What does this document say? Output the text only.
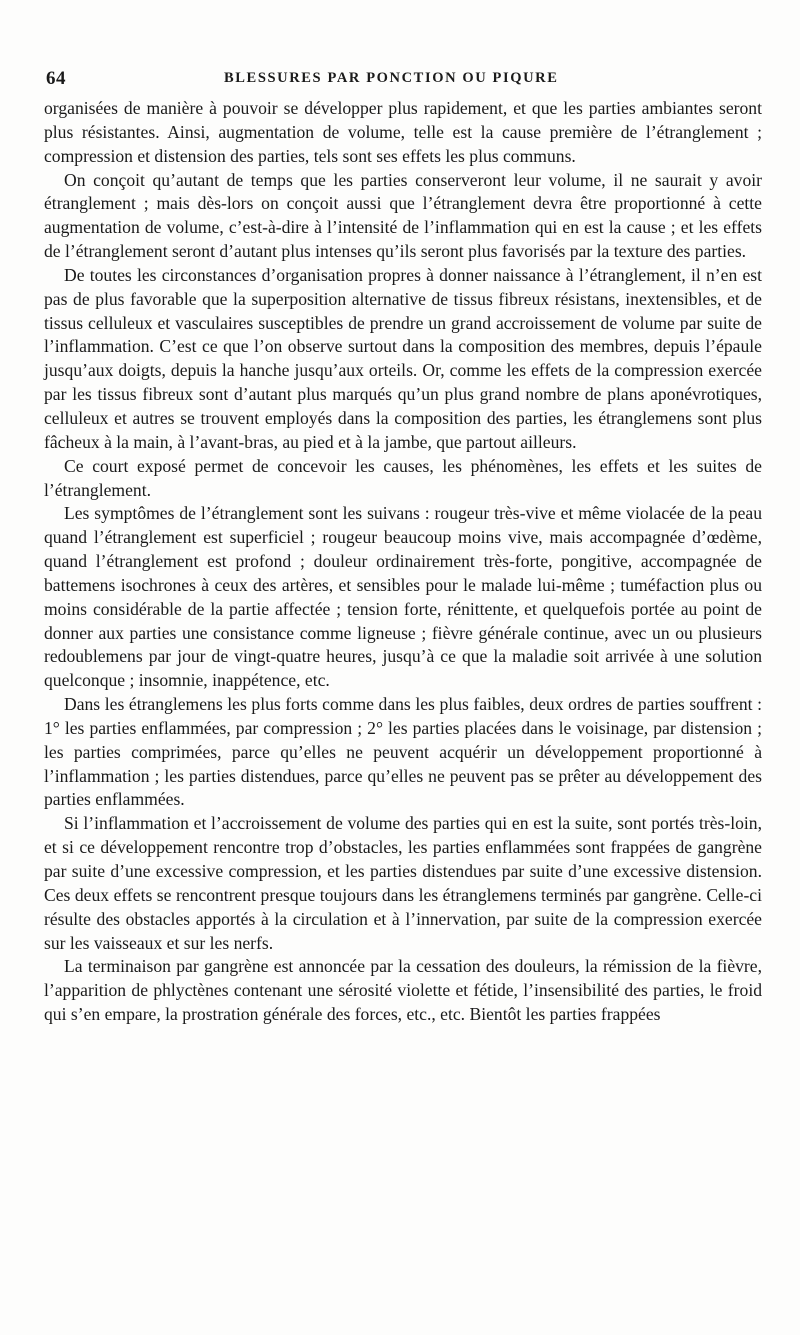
64	BLESSURES PAR PONCTION OU PIQURE

organisées de manière à pouvoir se développer plus rapidement, et que les parties ambiantes seront plus résistantes. Ainsi, augmentation de volume, telle est la cause première de l’étranglement ; compression et distension des parties, tels sont ses effets les plus communs.

On conçoit qu’autant de temps que les parties conserveront leur volume, il ne saurait y avoir étranglement ; mais dès-lors on conçoit aussi que l’étranglement devra être proportionné à cette augmentation de volume, c’est-à-dire à l’intensité de l’inflammation qui en est la cause ; et les effets de l’étranglement seront d’autant plus intenses qu’ils seront plus favorisés par la texture des parties.

De toutes les circonstances d’organisation propres à donner naissance à l’étranglement, il n’en est pas de plus favorable que la superposition alternative de tissus fibreux résistans, inextensibles, et de tissus celluleux et vasculaires susceptibles de prendre un grand accroissement de volume par suite de l’inflammation. C’est ce que l’on observe surtout dans la composition des membres, depuis l’épaule jusqu’aux doigts, depuis la hanche jusqu’aux orteils. Or, comme les effets de la compression exercée par les tissus fibreux sont d’autant plus marqués qu’un plus grand nombre de plans aponévrotiques, celluleux et autres se trouvent employés dans la composition des parties, les étranglemens sont plus fâcheux à la main, à l’avant-bras, au pied et à la jambe, que partout ailleurs.

Ce court exposé permet de concevoir les causes, les phénomènes, les effets et les suites de l’étranglement.

Les symptômes de l’étranglement sont les suivans : rougeur très-vive et même violacée de la peau quand l’étranglement est superficiel ; rougeur beaucoup moins vive, mais accompagnée d’œdème, quand l’étranglement est profond ; douleur ordinairement très-forte, pongitive, accompagnée de battemens isochrones à ceux des artères, et sensibles pour le malade lui-même ; tuméfaction plus ou moins considérable de la partie affectée ; tension forte, rénittente, et quelquefois portée au point de donner aux parties une consistance comme ligneuse ; fièvre générale continue, avec un ou plusieurs redoublemens par jour de vingt-quatre heures, jusqu’à ce que la maladie soit arrivée à une solution quelconque ; insomnie, inappétence, etc.

Dans les étranglemens les plus forts comme dans les plus faibles, deux ordres de parties souffrent : 1° les parties enflammées, par compression ; 2° les parties placées dans le voisinage, par distension ; les parties comprimées, parce qu’elles ne peuvent acquérir un développement proportionné à l’inflammation ; les parties distendues, parce qu’elles ne peuvent pas se prêter au développement des parties enflammées.

Si l’inflammation et l’accroissement de volume des parties qui en est la suite, sont portés très-loin, et si ce développement rencontre trop d’obstacles, les parties enflammées sont frappées de gangrène par suite d’une excessive compression, et les parties distendues par suite d’une excessive distension. Ces deux effets se rencontrent presque toujours dans les étranglemens terminés par gangrène. Celle-ci résulte des obstacles apportés à la circulation et à l’innervation, par suite de la compression exercée sur les vaisseaux et sur les nerfs.

La terminaison par gangrène est annoncée par la cessation des douleurs, la rémission de la fièvre, l’apparition de phlyctènes contenant une sérosité violette et fétide, l’insensibilité des parties, le froid qui s’en empare, la prostration générale des forces, etc., etc. Bientôt les parties frappées
